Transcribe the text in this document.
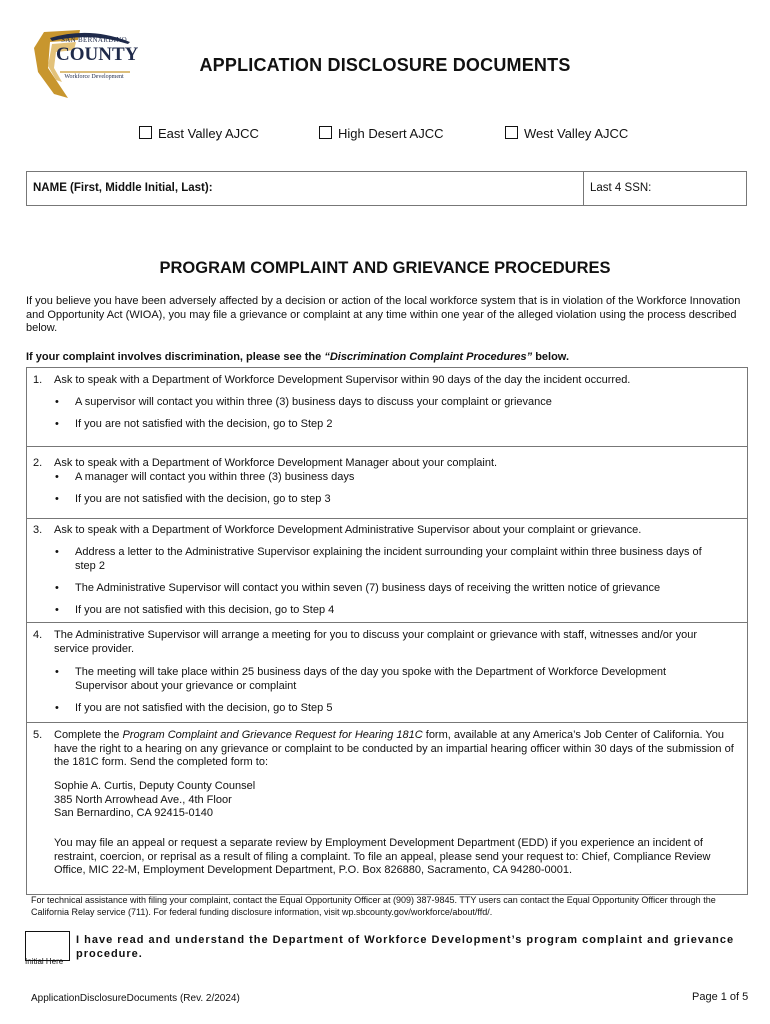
SAN BERNARDINO
COUNTY
Workforce Development
APPLICATION DISCLOSURE DOCUMENTS
East Valley AJCC	High Desert AJCC	West Valley AJCC
NAME (First, Middle Initial, Last):	Last 4 SSN:
PROGRAM COMPLAINT AND GRIEVANCE PROCEDURES
If you believe you have been adversely affected by a decision or action of the local workforce system that is in violation of the Workforce Innovation and Opportunity Act (WIOA), you may file a grievance or complaint at any time within one year of the alleged violation using the process described below.
If your complaint involves discrimination, please see the “Discrimination Complaint Procedures” below.
1. Ask to speak with a Department of Workforce Development Supervisor within 90 days of the day the incident occurred.
• A supervisor will contact you within three (3) business days to discuss your complaint or grievance
• If you are not satisfied with the decision, go to Step 2
2. Ask to speak with a Department of Workforce Development Manager about your complaint.
• A manager will contact you within three (3) business days
• If you are not satisfied with the decision, go to step 3
3. Ask to speak with a Department of Workforce Development Administrative Supervisor about your complaint or grievance.
• Address a letter to the Administrative Supervisor explaining the incident surrounding your complaint within three business days of step 2
• The Administrative Supervisor will contact you within seven (7) business days of receiving the written notice of grievance
• If you are not satisfied with this decision, go to Step 4
4. The Administrative Supervisor will arrange a meeting for you to discuss your complaint or grievance with staff, witnesses and/or your service provider.
• The meeting will take place within 25 business days of the day you spoke with the Department of Workforce Development Supervisor about your grievance or complaint
• If you are not satisfied with the decision, go to Step 5
5. Complete the Program Complaint and Grievance Request for Hearing 181C form, available at any America’s Job Center of California. You have the right to a hearing on any grievance or complaint to be conducted by an impartial hearing officer within 30 days of the submission of the 181C form. Send the completed form to:
Sophie A. Curtis, Deputy County Counsel
385 North Arrowhead Ave., 4th Floor
San Bernardino, CA 92415-0140
You may file an appeal or request a separate review by Employment Development Department (EDD) if you experience an incident of restraint, coercion, or reprisal as a result of filing a complaint. To file an appeal, please send your request to: Chief, Compliance Review Office, MIC 22-M, Employment Development Department, P.O. Box 826880, Sacramento, CA 94280-0001.
For technical assistance with filing your complaint, contact the Equal Opportunity Officer at (909) 387-9845. TTY users can contact the Equal Opportunity Officer through the California Relay service (711). For federal funding disclosure information, visit wp.sbcounty.gov/workforce/about/ffd/.
Initial Here
I have read and understand the Department of Workforce Development’s program complaint and grievance procedure.
ApplicationDisclosureDocuments (Rev. 2/2024)	Page 1 of 5
